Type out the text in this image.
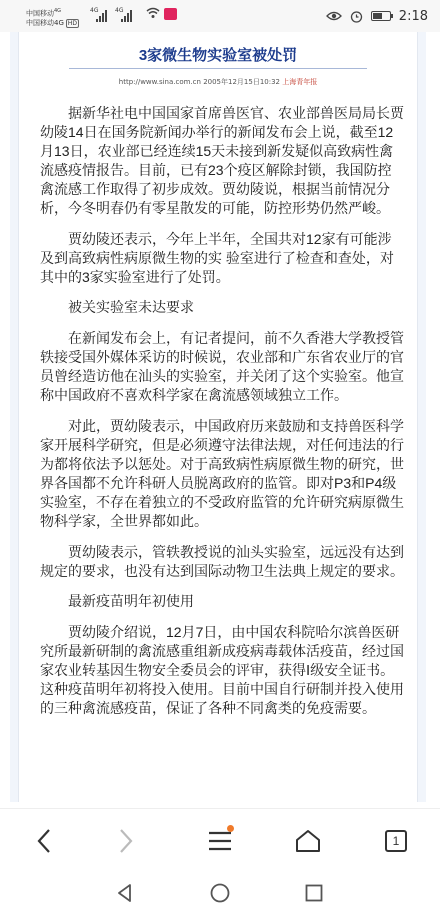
中国移动$^{4G}$
中国移动4G HD
4G	4G	2:18
3家微生物实验室被处罚
http://www.sina.com.cn 2005年12月15日10:32 上海青年报

据新华社电中国国家首席兽医官、农业部兽医局局长贾幼陵14日在国务院新闻办举行的新闻发布会上说，截至12月13日，农业部已经连续15天未接到新发疑似高致病性禽流感疫情报告。目前，已有23个疫区解除封锁，我国防控禽流感工作取得了初步成效。贾幼陵说，根据当前情况分析，今冬明春仍有零星散发的可能，防控形势仍然严峻。

贾幼陵还表示，今年上半年，全国共对12家有可能涉及到高致病性病原微生物的实 验室进行了检查和查处，对其中的3家实验室进行了处罚。

被关实验室未达要求

在新闻发布会上，有记者提问，前不久香港大学教授管轶接受国外媒体采访的时候说，农业部和广东省农业厅的官员曾经造访他在汕头的实验室，并关闭了这个实验室。他宣称中国政府不喜欢科学家在禽流感领域独立工作。

对此，贾幼陵表示，中国政府历来鼓励和支持兽医科学家开展科学研究，但是必须遵守法律法规，对任何违法的行为都将依法予以惩处。对于高致病性病原微生物的研究，世界各国都不允许科研人员脱离政府的监管。即对P3和P4级实验室，不存在着独立的不受政府监管的允许研究病原微生物科学家，全世界都如此。

贾幼陵表示，管轶教授说的汕头实验室，远远没有达到规定的要求，也没有达到国际动物卫生法典上规定的要求。

最新疫苗明年初使用

贾幼陵介绍说，12月7日，由中国农科院哈尔滨兽医研究所最新研制的禽流感重组新成疫病毒载体活疫苗，经过国家农业转基因生物安全委员会的评审，获得Ⅰ级安全证书。这种疫苗明年初将投入使用。目前中国自行研制并投入使用的三种禽流感疫苗，保证了各种不同禽类的免疫需要。

1
